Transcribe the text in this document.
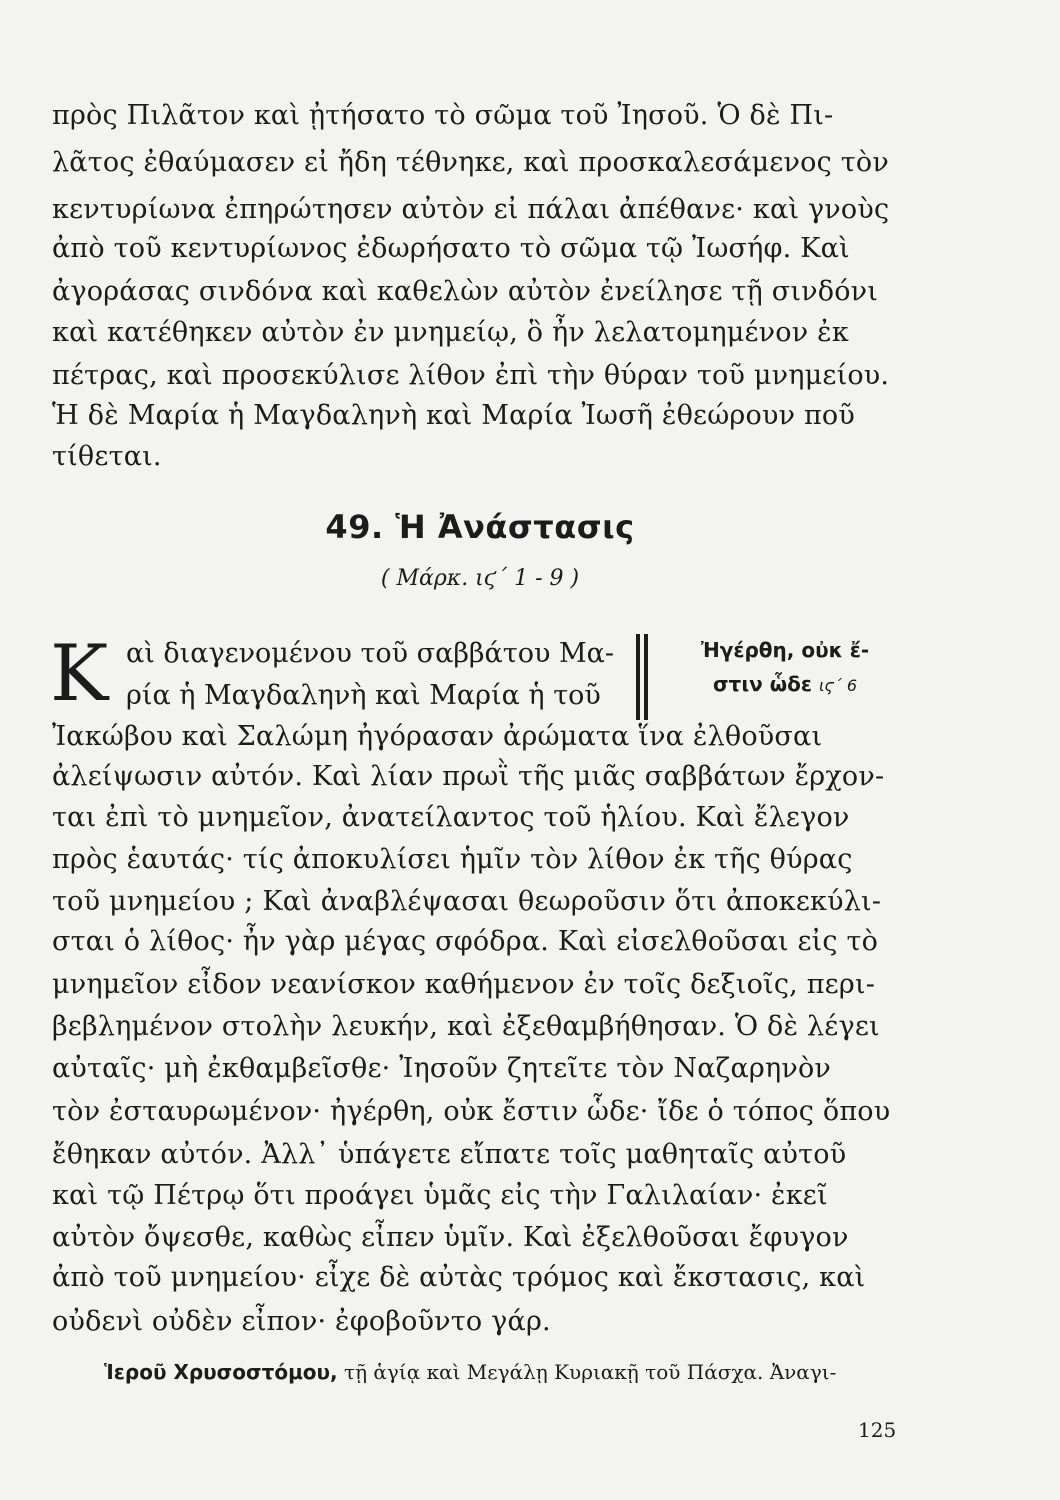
πρὸς Πιλᾶτον καὶ ᾐτήσατο τὸ σῶμα τοῦ Ἰησοῦ. Ὁ δὲ Πι-
λᾶτος ἐθαύμασεν εἰ ἤδη τέθνηκε, καὶ προσκαλεσάμενος τὸν
κεντυρίωνα ἐπηρώτησεν αὐτὸν εἰ πάλαι ἀπέθανε· καὶ γνοὺς
ἀπὸ τοῦ κεντυρίωνος ἐδωρήσατο τὸ σῶμα τῷ Ἰωσήφ. Καὶ
ἀγοράσας σινδόνα καὶ καθελὼν αὐτὸν ἐνείλησε τῇ σινδόνι
καὶ κατέθηκεν αὐτὸν ἐν μνημείῳ, ὃ ἦν λελατομημένον ἐκ
πέτρας, καὶ προσεκύλισε λίθον ἐπὶ τὴν θύραν τοῦ μνημείου.
Ἡ δὲ Μαρία ἡ Μαγδαληνὴ καὶ Μαρία Ἰωσῆ ἐθεώρουν ποῦ
τίθεται.
49. Ἡ Ἀνάστασις
( Μάρκ. ιϛ΄ 1 - 9 )
Κ αὶ διαγενομένου τοῦ σαββάτου Μα-
ρία ἡ Μαγδαληνὴ καὶ Μαρία ἡ τοῦ
Ἠγέρθη, οὐκ ἔ-
στιν ὧδε ιϛ΄ 6
Ἰακώβου καὶ Σαλώμη ἠγόρασαν ἀρώματα ἵνα ἐλθοῦσαι
ἀλείψωσιν αὐτόν. Καὶ λίαν πρωῒ τῆς μιᾶς σαββάτων ἔρχον-
ται ἐπὶ τὸ μνημεῖον, ἀνατείλαντος τοῦ ἡλίου. Καὶ ἔλεγον
πρὸς ἑαυτάς· τίς ἀποκυλίσει ἡμῖν τὸν λίθον ἐκ τῆς θύρας
τοῦ μνημείου ; Καὶ ἀναβλέψασαι θεωροῦσιν ὅτι ἀποκεκύλι-
σται ὁ λίθος· ἦν γὰρ μέγας σφόδρα. Καὶ εἰσελθοῦσαι εἰς τὸ
μνημεῖον εἶδον νεανίσκον καθήμενον ἐν τοῖς δεξιοῖς, περι-
βεβλημένον στολὴν λευκήν, καὶ ἐξεθαμβήθησαν. Ὁ δὲ λέγει
αὐταῖς· μὴ ἐκθαμβεῖσθε· Ἰησοῦν ζητεῖτε τὸν Ναζαρηνὸν
τὸν ἐσταυρωμένον· ἠγέρθη, οὐκ ἔστιν ὧδε· ἴδε ὁ τόπος ὅπου
ἔθηκαν αὐτόν. Ἀλλ᾽ ὑπάγετε εἴπατε τοῖς μαθηταῖς αὐτοῦ
καὶ τῷ Πέτρῳ ὅτι προάγει ὑμᾶς εἰς τὴν Γαλιλαίαν· ἐκεῖ
αὐτὸν ὄψεσθε, καθὼς εἶπεν ὑμῖν. Καὶ ἐξελθοῦσαι ἔφυγον
ἀπὸ τοῦ μνημείου· εἶχε δὲ αὐτὰς τρόμος καὶ ἔκστασις, καὶ
οὐδενὶ οὐδὲν εἶπον· ἐφοβοῦντο γάρ.
Ἱεροῦ Χρυσοστόμου, τῇ ἁγίᾳ καὶ Μεγάλῃ Κυριακῇ τοῦ Πάσχα. Ἀναγι-
125
